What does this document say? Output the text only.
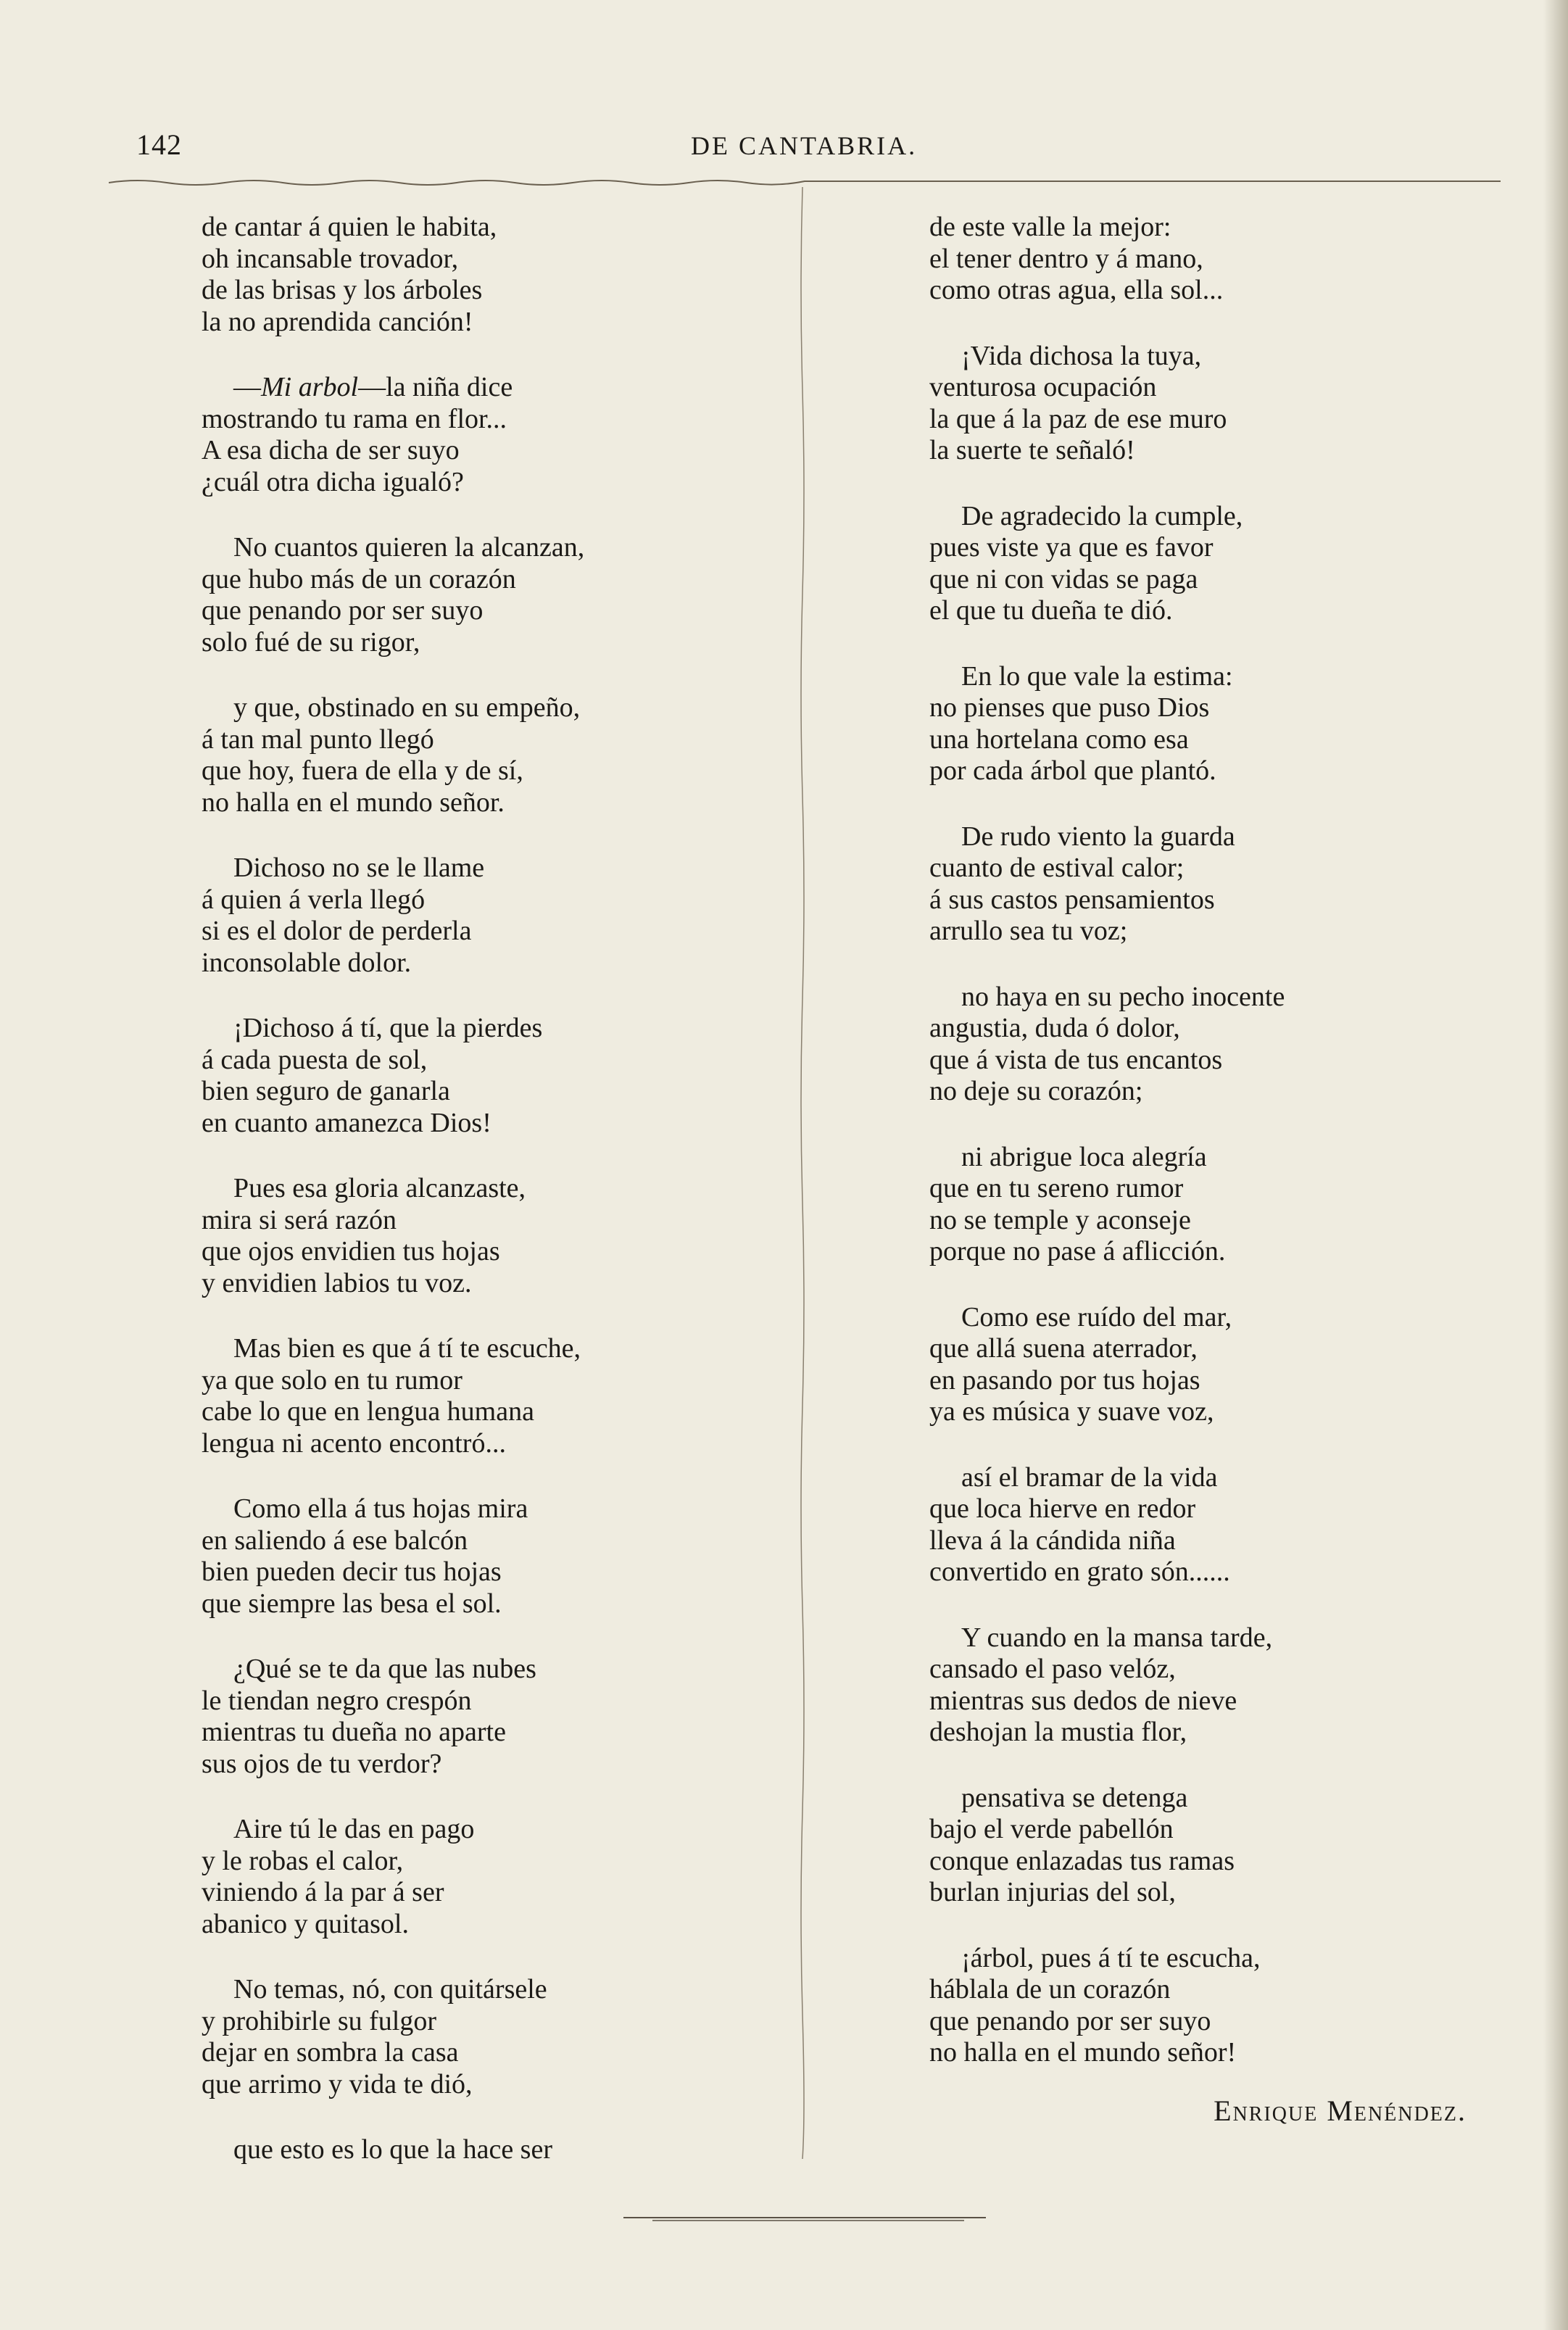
142	DE CANTABRIA.
de cantar á quien le habita,
oh incansable trovador,
de las brisas y los árboles
la no aprendida canción!
—Mi arbol—la niña dice
mostrando tu rama en flor...
A esa dicha de ser suyo
¿cuál otra dicha igualó?
No cuantos quieren la alcanzan,
que hubo más de un corazón
que penando por ser suyo
solo fué de su rigor,
y que, obstinado en su empeño,
á tan mal punto llegó
que hoy, fuera de ella y de sí,
no halla en el mundo señor.
Dichoso no se le llame
á quien á verla llegó
si es el dolor de perderla
inconsolable dolor.
¡Dichoso á tí, que la pierdes
á cada puesta de sol,
bien seguro de ganarla
en cuanto amanezca Dios!
Pues esa gloria alcanzaste,
mira si será razón
que ojos envidien tus hojas
y envidien labios tu voz.
Mas bien es que á tí te escuche,
ya que solo en tu rumor
cabe lo que en lengua humana
lengua ni acento encontró...
Como ella á tus hojas mira
en saliendo á ese balcón
bien pueden decir tus hojas
que siempre las besa el sol.
¿Qué se te da que las nubes
le tiendan negro crespón
mientras tu dueña no aparte
sus ojos de tu verdor?
Aire tú le das en pago
y le robas el calor,
viniendo á la par á ser
abanico y quitasol.
No temas, nó, con quitársele
y prohibirle su fulgor
dejar en sombra la casa
que arrimo y vida te dió,
que esto es lo que la hace ser
de este valle la mejor:
el tener dentro y á mano,
como otras agua, ella sol...
¡Vida dichosa la tuya,
venturosa ocupación
la que á la paz de ese muro
la suerte te señaló!
De agradecido la cumple,
pues viste ya que es favor
que ni con vidas se paga
el que tu dueña te dió.
En lo que vale la estima:
no pienses que puso Dios
una hortelana como esa
por cada árbol que plantó.
De rudo viento la guarda
cuanto de estival calor;
á sus castos pensamientos
arrullo sea tu voz;
no haya en su pecho inocente
angustia, duda ó dolor,
que á vista de tus encantos
no deje su corazón;
ni abrigue loca alegría
que en tu sereno rumor
no se temple y aconseje
porque no pase á aflicción.
Como ese ruído del mar,
que allá suena aterrador,
en pasando por tus hojas
ya es música y suave voz,
así el bramar de la vida
que loca hierve en redor
lleva á la cándida niña
convertido en grato són......
Y cuando en la mansa tarde,
cansado el paso velóz,
mientras sus dedos de nieve
deshojan la mustia flor,
pensativa se detenga
bajo el verde pabellón
conque enlazadas tus ramas
burlan injurias del sol,
¡árbol, pues á tí te escucha,
háblala de un corazón
que penando por ser suyo
no halla en el mundo señor!
Enrique Menéndez.
